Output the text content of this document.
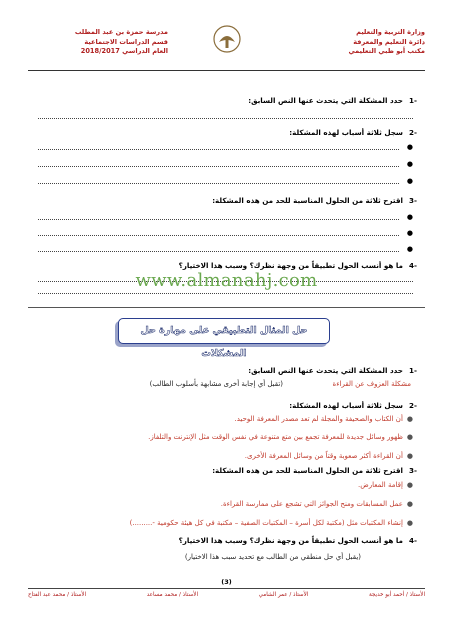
وزارة التربية والتعليم
دائرة التعليم والمعرفة
مكتب أبو ظبي التعليمي
مدرسة حمزة بن عبد المطلب
قسم الدراسات الاجتماعية
العام الدراسي 2018/2017
-1حدد المشكلة التي يتحدث عنها النص السابق:
-2سجل ثلاثة أسباب لهذه المشكلة:
●
●
●
-3اقترح ثلاثة من الحلول المناسبة للحد من هذه المشكلة:
●
●
●
-4ما هو أنسب الحول تطبيقاً من وجهة نظرك؟ وسبب هذا الاختيار؟
www.almanahj.com
حل المثال التطبيقي على مهارة حل المشكلات
-1حدد المشكلة التي يتحدث عنها النص السابق:
مشكلة العزوف عن القراءة
(تقبل أي إجابة أخرى مشابهة بأسلوب الطالب)
-2سجل ثلاثة أسباب لهذه المشكلة:
●أن الكتاب والصحيفة والمجلة لم تعد مصدر المعرفة الوحيد.
●ظهور وسائل جديدة للمعرفة تجمع بين متع متنوعة في نفس الوقت مثل الإنترنت والتلفاز.
●أن القراءة أكثر صعوبة وقتاً من وسائل المعرفة الأخرى.
-3اقترح ثلاثة من الحلول المناسبة للحد من هذه المشكلة:
●إقامة المعارض.
●عمل المسابقات ومنح الجوائز التي تشجع على ممارسة القراءة.
●إنشاء المكتبات مثل (مكتبة لكل أسرة – المكتبات الصفية – مكتبة في كل هيئة حكومية -.........)
-4ما هو أنسب الحول تطبيقاً من وجهة نظرك؟ وسبب هذا الاختيار؟
(يقبل أي حل منطقي من الطالب مع تحديد سبب هذا الاختيار)
(3)
الأستاذ / أحمد أبو خديجة
الأستاذ / عمر الشامي
الأستاذ / محمد مساعد
الأستاذ / محمد عبد الفتاح
